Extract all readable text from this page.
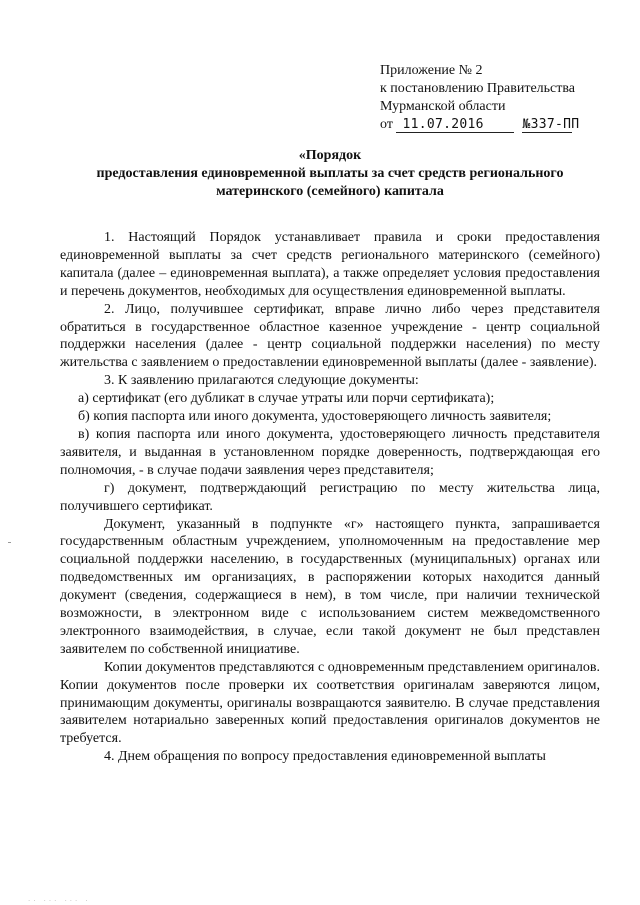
Приложение № 2
к постановлению Правительства
Мурманской области
от 11.07.2016	№337-ПП
«Порядок
предоставления единовременной выплаты за счет средств регионального
материнского (семейного) капитала

1. Настоящий Порядок устанавливает правила и сроки предоставления единовременной выплаты за счет средств регионального материнского (семейного) капитала (далее – единовременная выплата), а также определяет условия предоставления и перечень документов, необходимых для осуществления единовременной выплаты.

2. Лицо, получившее сертификат, вправе лично либо через представителя обратиться в государственное областное казенное учреждение - центр социальной поддержки населения (далее - центр социальной поддержки населения) по месту жительства с заявлением о предоставлении единовременной выплаты (далее - заявление).

3. К заявлению прилагаются следующие документы:

а) сертификат (его дубликат в случае утраты или порчи сертификата);

б) копия паспорта или иного документа, удостоверяющего личность заявителя;

в) копия паспорта или иного документа, удостоверяющего личность представителя заявителя, и выданная в установленном порядке доверенность, подтверждающая его полномочия, - в случае подачи заявления через представителя;

г) документ, подтверждающий регистрацию по месту жительства лица, получившего сертификат.

Документ, указанный в подпункте «г» настоящего пункта, запрашивается государственным областным учреждением, уполномоченным на предоставление мер социальной поддержки населению, в государственных (муниципальных) органах или подведомственных им организациях, в распоряжении которых находится данный документ (сведения, содержащиеся в нем), в том числе, при наличии технической возможности, в электронном виде с использованием систем межведомственного электронного взаимодействия, в случае, если такой документ не был представлен заявителем по собственной инициативе.

Копии документов представляются с одновременным представлением оригиналов. Копии документов после проверки их соответствия оригиналам заверяются лицом, принимающим документы, оригиналы возвращаются заявителю. В случае представления заявителем нотариально заверенных копий предоставления оригиналов документов не требуется.

4. Днем обращения по вопросу предоставления единовременной выплаты

·· ··· ··· ·
